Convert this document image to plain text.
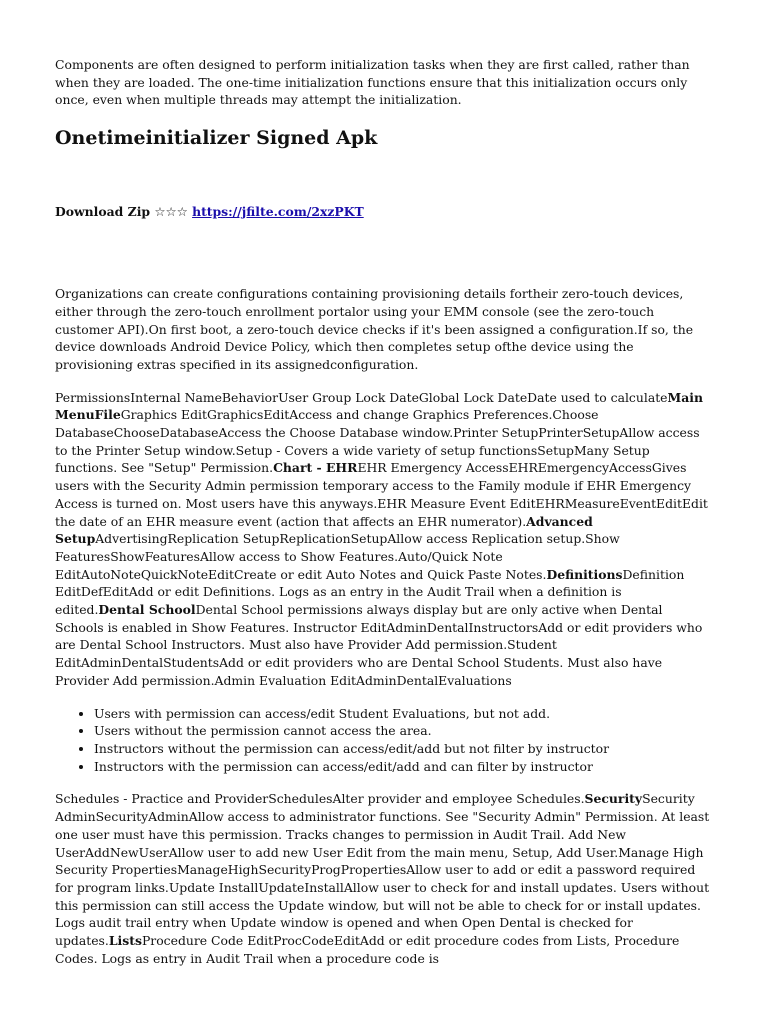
Components are often designed to perform initialization tasks when they are first called, rather than when they are loaded. The one-time initialization functions ensure that this initialization occurs only once, even when multiple threads may attempt the initialization.

Onetimeinitializer Signed Apk

Download Zip ☆☆☆ https://jfilte.com/2xzPKT

Organizations can create configurations containing provisioning details fortheir zero-touch devices, either through the zero-touch enrollment portalor using your EMM console (see the zero-touch customer API).On first boot, a zero-touch device checks if it's been assigned a configuration.If so, the device downloads Android Device Policy, which then completes setup ofthe device using the provisioning extras specified in its assignedconfiguration.

PermissionsInternal NameBehaviorUser Group Lock DateGlobal Lock DateDate used to calculateMain MenuFileGraphics EditGraphicsEditAccess and change Graphics Preferences.Choose DatabaseChooseDatabaseAccess the Choose Database window.Printer SetupPrinterSetupAllow access to the Printer Setup window.Setup - Covers a wide variety of setup functionsSetupMany Setup functions. See "Setup" Permission.Chart - EHREHR Emergency AccessEHREmergencyAccessGives users with the Security Admin permission temporary access to the Family module if EHR Emergency Access is turned on. Most users have this anyways.EHR Measure Event EditEHRMeasureEventEditEdit the date of an EHR measure event (action that affects an EHR numerator).Advanced SetupAdvertisingReplication SetupReplicationSetupAllow access Replication setup.Show FeaturesShowFeaturesAllow access to Show Features.Auto/Quick Note EditAutoNoteQuickNoteEditCreate or edit Auto Notes and Quick Paste Notes.DefinitionsDefinition EditDefEditAdd or edit Definitions. Logs as an entry in the Audit Trail when a definition is edited.Dental SchoolDental School permissions always display but are only active when Dental Schools is enabled in Show Features. Instructor EditAdminDentalInstructorsAdd or edit providers who are Dental School Instructors. Must also have Provider Add permission.Student EditAdminDentalStudentsAdd or edit providers who are Dental School Students. Must also have Provider Add permission.Admin Evaluation EditAdminDentalEvaluations

• Users with permission can access/edit Student Evaluations, but not add.
• Users without the permission cannot access the area.
• Instructors without the permission can access/edit/add but not filter by instructor
• Instructors with the permission can access/edit/add and can filter by instructor

Schedules - Practice and ProviderSchedulesAlter provider and employee Schedules.SecuritySecurity AdminSecurityAdminAllow access to administrator functions. See "Security Admin" Permission. At least one user must have this permission. Tracks changes to permission in Audit Trail. Add New UserAddNewUserAllow user to add new User Edit from the main menu, Setup, Add User.Manage High Security PropertiesManageHighSecurityProgPropertiesAllow user to add or edit a password required for program links.Update InstallUpdateInstallAllow user to check for and install updates. Users without this permission can still access the Update window, but will not be able to check for or install updates. Logs audit trail entry when Update window is opened and when Open Dental is checked for updates.ListsProcedure Code EditProcCodeEditAdd or edit procedure codes from Lists, Procedure Codes. Logs as entry in Audit Trail when a procedure code is
